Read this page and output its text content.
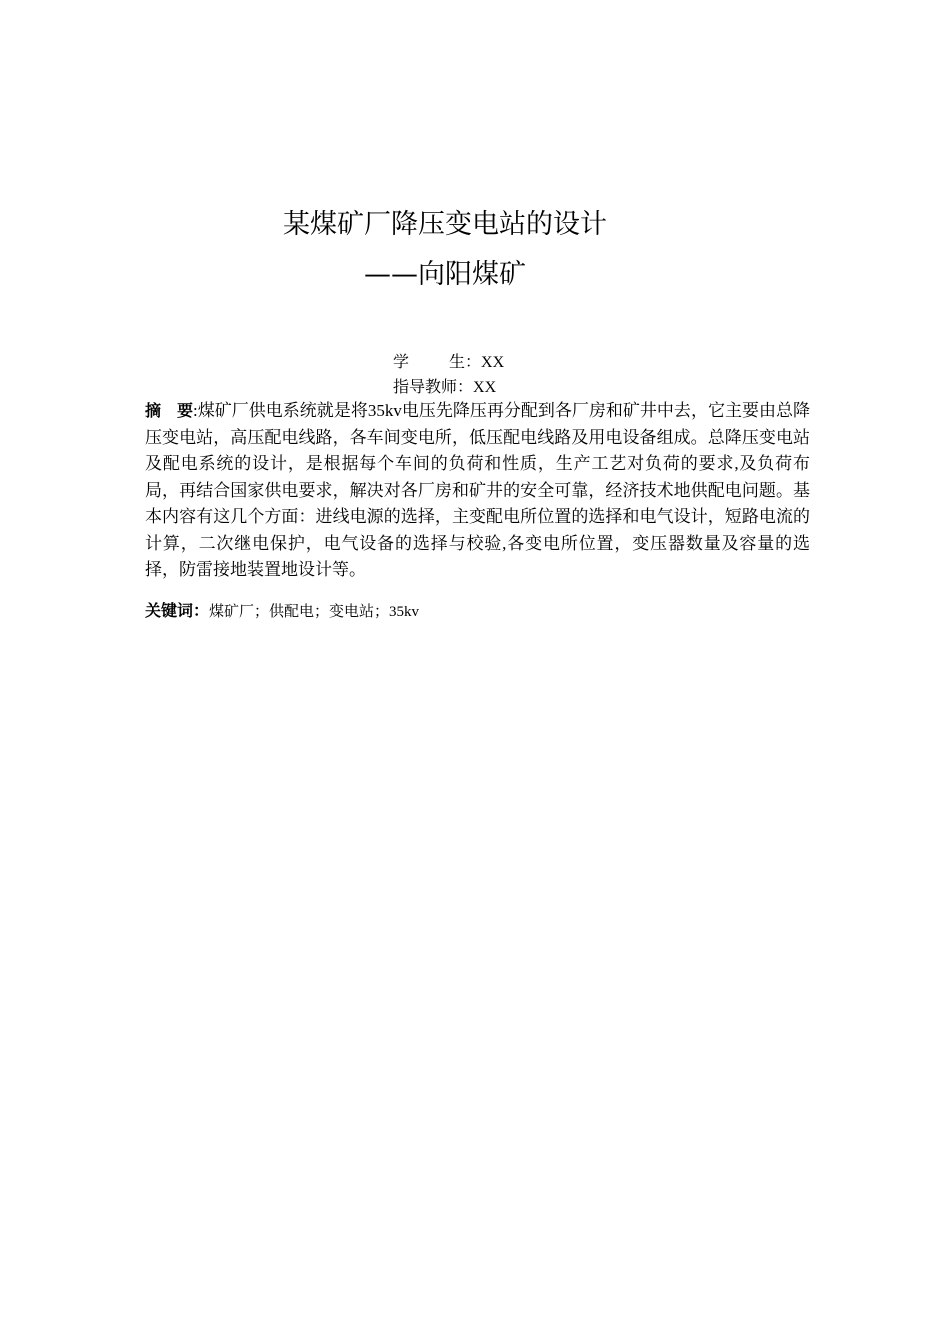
某煤矿厂降压变电站的设计
——向阳煤矿
学	生：XX
指导教师：XX
摘　要:煤矿厂供电系统就是将35kv电压先降压再分配到各厂房和矿井中去，它主要由总降压变电站，高压配电线路，各车间变电所，低压配电线路及用电设备组成。总降压变电站及配电系统的设计，是根据每个车间的负荷和性质，生产工艺对负荷的要求,及负荷布局，再结合国家供电要求，解决对各厂房和矿井的安全可靠，经济技术地供配电问题。基本内容有这几个方面：进线电源的选择，主变配电所位置的选择和电气设计，短路电流的计算，二次继电保护，电气设备的选择与校验,各变电所位置，变压器数量及容量的选择，防雷接地装置地设计等。
关键词：煤矿厂；供配电；变电站；35kv
